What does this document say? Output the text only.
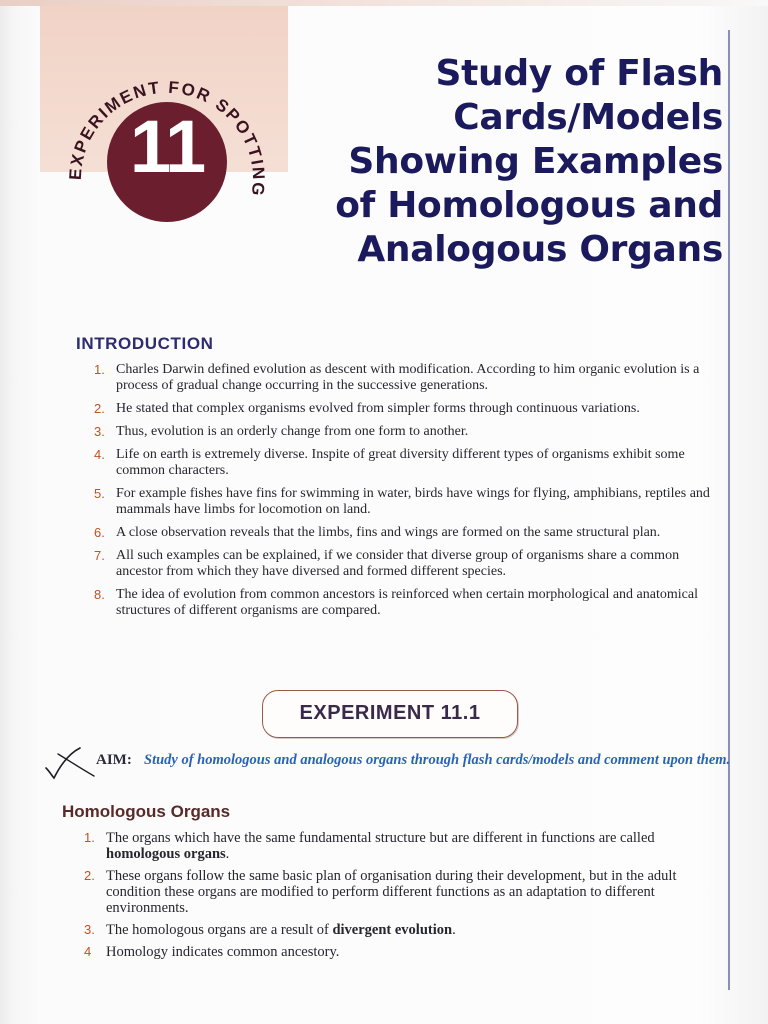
EXPERIMENT FOR SPOTTING
11
Study of Flash
Cards/Models
Showing Examples
of Homologous and
Analogous Organs
INTRODUCTION
1. Charles Darwin defined evolution as descent with modification. According to him organic evolution is a process of gradual change occurring in the successive generations.
2. He stated that complex organisms evolved from simpler forms through continuous variations.
3. Thus, evolution is an orderly change from one form to another.
4. Life on earth is extremely diverse. Inspite of great diversity different types of organisms exhibit some common characters.
5. For example fishes have fins for swimming in water, birds have wings for flying, amphibians, reptiles and mammals have limbs for locomotion on land.
6. A close observation reveals that the limbs, fins and wings are formed on the same structural plan.
7. All such examples can be explained, if we consider that diverse group of organisms share a common ancestor from which they have diversed and formed different species.
8. The idea of evolution from common ancestors is reinforced when certain morphological and anatomical structures of different organisms are compared.
EXPERIMENT 11.1
AIM: Study of homologous and analogous organs through flash cards/models and comment upon them.
Homologous Organs
1. The organs which have the same fundamental structure but are different in functions are called homologous organs.
2. These organs follow the same basic plan of organisation during their development, but in the adult condition these organs are modified to perform different functions as an adaptation to different environments.
3. The homologous organs are a result of divergent evolution.
4 Homology indicates common ancestory.
